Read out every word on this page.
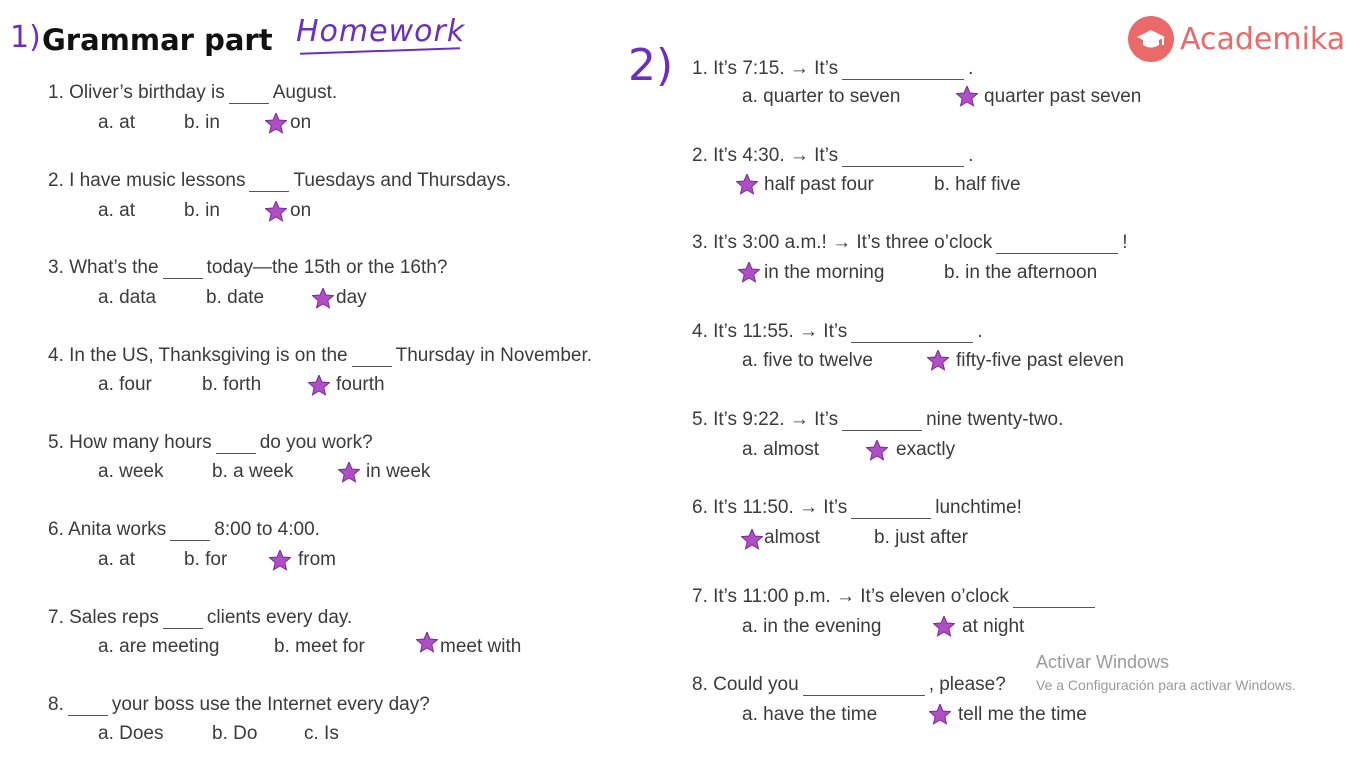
1) Grammar part Homework
2)
Academika
1. Oliver’s birthday is	August.
a. at	b. in	on
2. I have music lessons	Tuesdays and Thursdays.
a. at	b. in	on
3. What’s the	today—the 15th or the 16th?
a. data	b. date	day
4. In the US, Thanksgiving is on the	Thursday in November.
a. four	b. forth	fourth
5. How many hours	do you work?
a. week	b. a week	in week
6. Anita works	8:00 to 4:00.
a. at	b. for	from
7. Sales reps	clients every day.
a. are meeting	b. meet for	meet with
8.	your boss use the Internet every day?
a. Does	b. Do c. Is
1. It’s 7:15. → It’s	.
a. quarter to seven	quarter past seven
2. It’s 4:30. → It’s	.
half past four	b. half five
3. It’s 3:00 a.m.! → It’s three o’clock	!
in the morning	b. in the afternoon
4. It’s 11:55. → It’s	.
a. five to twelve	fifty-five past eleven
5. It’s 9:22. → It’s	nine twenty-two.
a. almost	exactly
6. It’s 11:50. → It’s	lunchtime!
almost	b. just after
7. It’s 11:00 p.m. → It’s eleven o’clock
a. in the evening	at night
8. Could you	, please?
a. have the time	tell me the time
Activar Windows
Ve a Configuración para activar Windows.
